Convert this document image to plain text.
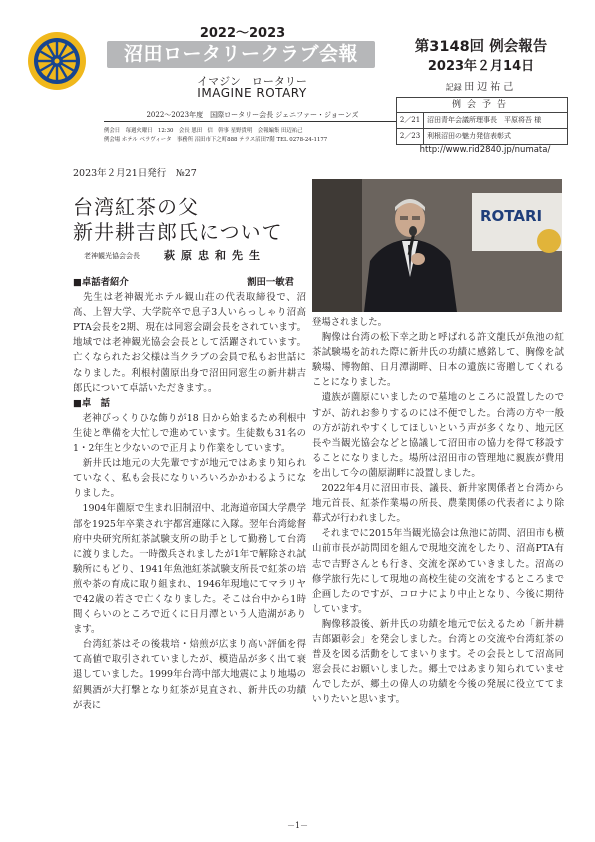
2022～2023
沼田ロータリークラブ会報
イマジン　ロータリー
IMAGINE ROTARY
2022～2023年度　国際ロータリー会長 ジェニファー・ジョーンズ
例会日　毎週火曜日　12:30　会長 恩田　信　幹事 星野貴明　会報編集 田辺祐己
例会場 ホテル ベラヴィータ　事務所 沼田市下之町888 テラス沼田7階 TEL 0278-24-1177
第3148回 例会報告
2023年２月14日
記録 田辺祐己
例会予告
2／21 沼田青年会議所理事長　平原将吾 様
2／23 利根沼田の魅力発信表彰式
http://www.rid2840.jp/numata/
2023年２月21日発行　№27
台湾紅茶の父
新井耕吉郎氏について
老神観光協会会長 萩原忠和先生
ROTARI
■卓話者紹介	割田一敏君

　先生は老神観光ホテル観山荘の代表取締役で、沼高、上智大学、大学院卒で息子3人いらっしゃり沼高PTA会長を2期、現在は同窓会副会長をされています。地域では老神観光協会会長として活躍されています。亡くなられたお父様は当クラブの会員で私もお世話になりました。利根村薗原出身で沼田同窓生の新井耕吉郎氏について卓話いただきます。。

■卓　話

　老神びっくりひな飾りが18 日から始まるため利根中生徒と準備を大忙しで進めています。生徒数も31名の1・2年生と少ないので正月より作業をしています。

　新井氏は地元の大先輩ですが地元ではあまり知られていなく、私も会長になりいろいろかかわるようになりました。

　1904年薗原で生まれ旧制沼中、北海道帝国大学農学部を1925年卒業され宇都宮連隊に入隊。翌年台湾総督府中央研究所紅茶試験支所の助手として勤務して台湾に渡りました。一時徴兵されましたが1年で解除され試験所にもどり、1941年魚池紅茶試験支所長で紅茶の培煎や茶の育成に取り組まれ、1946年現地にてマラリヤで42歳の若さで亡くなりました。そこは台中から1時間くらいのところで近くに日月潭という人造湖があります。

　台湾紅茶はその後栽培・焙煎が広まり高い評価を得て高値で取引されていましたが、模造品が多く出て衰退していました。1999年台湾中部大地震により地場の紹興酒が大打撃となり紅茶が見直され、新井氏の功績が表に

登場されました。

　胸像は台湾の松下幸之助と呼ばれる許文龍氏が魚池の紅茶試験場を訪れた際に新井氏の功績に感銘して、胸像を試験場、博物館、日月潭湖畔、日本の遺族に寄贈してくれることになりました。

　遺族が薗原にいましたので墓地のところに設置したのですが、訪れお参りするのには不便でした。台湾の方や一般の方が訪れやすくしてほしいという声が多くなり、地元区長や当観光協会などと協議して沼田市の協力を得て移設することになりました。場所は沼田市の管理地に親族が費用を出して今の薗原湖畔に設置しました。

　2022年4月に沼田市長、議長、新井家関係者と台湾から地元首長、紅茶作業場の所長、農業関係の代表者により除幕式が行われました。

　それまでに2015年当観光協会は魚池に訪問、沼田市も横山前市長が訪問団を組んで現地交流をしたり、沼高PTA有志で吉野さんとも行き、交流を深めていきました。沼高の修学旅行先にして現地の高校生徒の交流をするところまで企画したのですが、コロナにより中止となり、今後に期待しています。

　胸像移設後、新井氏の功績を地元で伝えるため「新井耕吉郎顕彰会」を発会しました。台湾との交流や台湾紅茶の普及を図る活動をしてまいります。その会長として沼高同窓会長にお願いしました。郷土ではあまり知られていませんでしたが、郷土の偉人の功績を今後の発展に役立ててまいりたいと思います。

－1－
